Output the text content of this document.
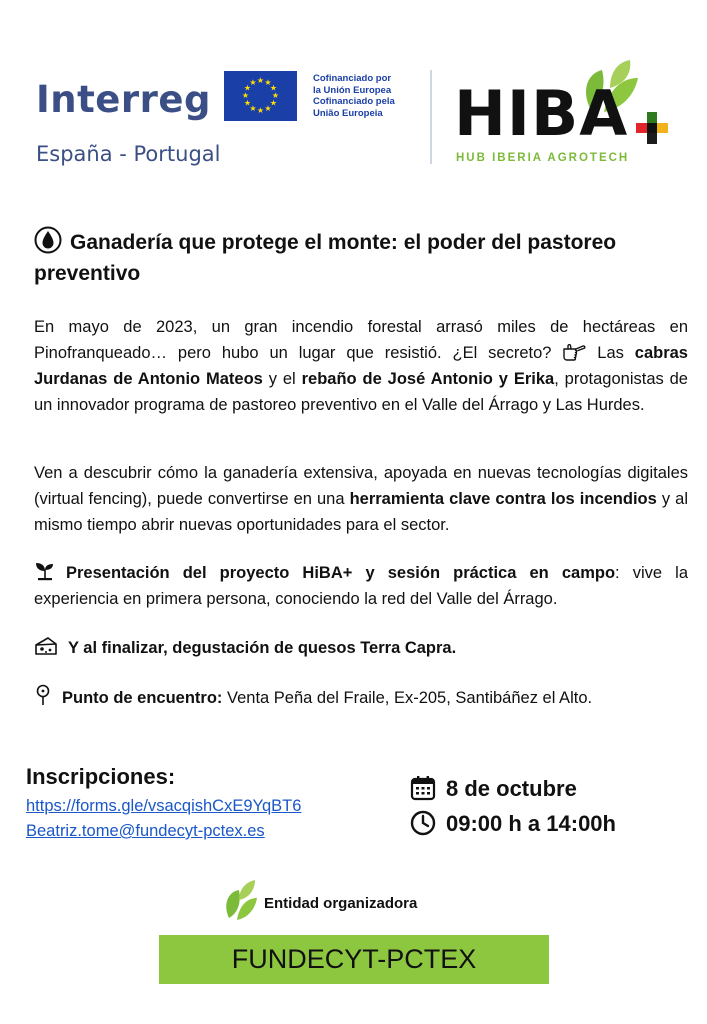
Interreg	★ ★
★
★
★
★
★
★
★
★
★
★	Cofinanciado por
la Unión Europea
Cofinanciado pela
União Europeia
España - Portugal
HIBA
HUB IBERIA AGROTECH

Ganadería que protege el monte: el poder del pastoreo preventivo

En mayo de 2023, un gran incendio forestal arrasó miles de hectáreas en Pinofranqueado… pero hubo un lugar que resistió. ¿El secreto?  Las cabras Jurdanas de Antonio Mateos y el rebaño de José Antonio y Erika, protagonistas de un innovador programa de pastoreo preventivo en el Valle del Árrago y Las Hurdes.

Ven a descubrir cómo la ganadería extensiva, apoyada en nuevas tecnologías digitales (virtual fencing), puede convertirse en una herramienta clave contra los incendios y al mismo tiempo abrir nuevas oportunidades para el sector.

Presentación del proyecto HiBA+ y sesión práctica en campo: vive la experiencia en primera persona, conociendo la red del Valle del Árrago.

Y al finalizar, degustación de quesos Terra Capra.

Punto de encuentro: Venta Peña del Fraile, Ex-205, Santibáñez el Alto.

Inscripciones:
https://forms.gle/vsacqishCxE9YqBT6
Beatriz.tome@fundecyt-pctex.es
8 de octubre
09:00 h a 14:00h
Entidad organizadora
FUNDECYT-PCTEX
